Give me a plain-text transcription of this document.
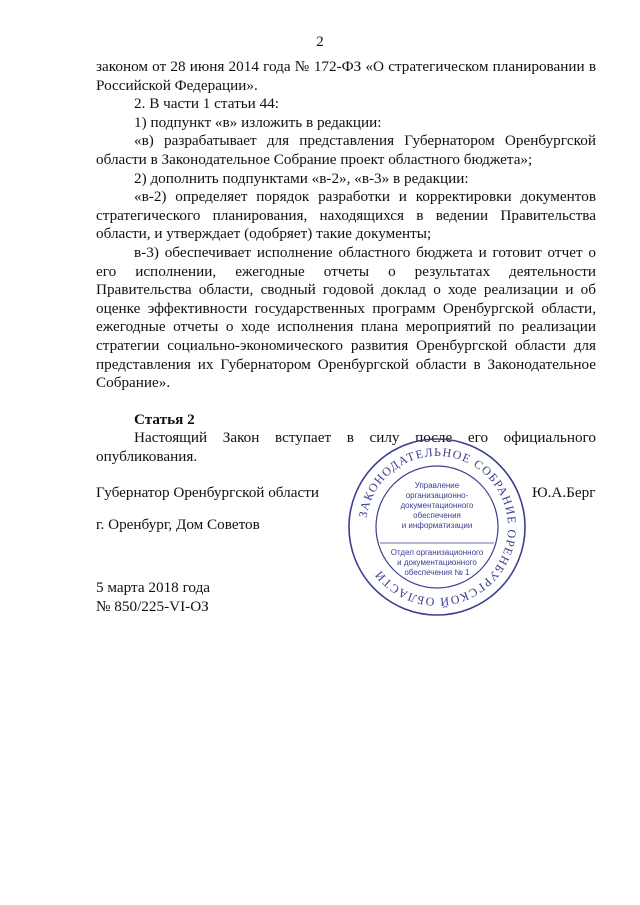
2

законом от 28 июня 2014 года № 172-ФЗ «О стратегическом планировании в Российской Федерации».

2. В части 1 статьи 44:

1) подпункт «в» изложить в редакции:

«в) разрабатывает для представления Губернатором Оренбургской области в Законодательное Собрание проект областного бюджета»;

2) дополнить подпунктами «в-2», «в-3» в редакции:

«в-2) определяет порядок разработки и корректировки документов стратегического планирования, находящихся в ведении Правительства области, и утверждает (одобряет) такие документы;

в-3) обеспечивает исполнение областного бюджета и готовит отчет о его исполнении, ежегодные отчеты о результатах деятельности Правительства области, сводный годовой доклад о ходе реализации и об оценке эффективности государственных программ Оренбургской области, ежегодные отчеты о ходе исполнения плана мероприятий по реализации стратегии социально-экономического развития Оренбургской области для представления их Губернатором Оренбургской области в Законодательное Собрание».

Статья 2

Настоящий Закон вступает в силу после его официального опубликования.

Губернатор Оренбургской области	Ю.А.Берг
г. Оренбург, Дом Советов
5 марта 2018 года
№ 850/225-VI-ОЗ
ЗАКОНОДАТЕЛЬНОЕ СОБРАНИЕ ОРЕНБУРГСКОЙ ОБЛАСТИ
Управление
организационно-
документационного
обеспечения
и информатизации
Отдел организационного
и документационного
обеспечения № 1
